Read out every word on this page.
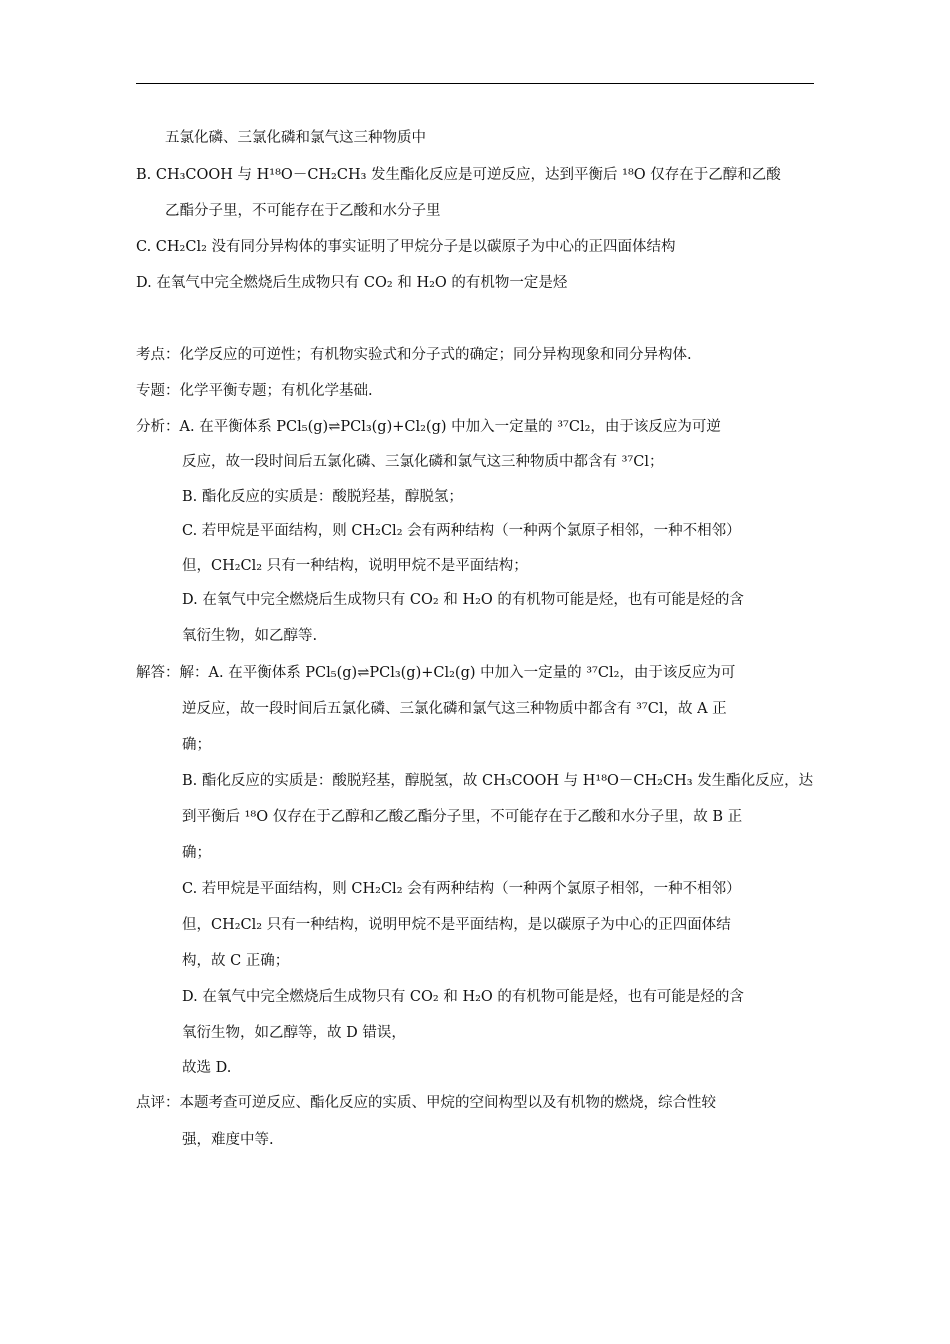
五氯化磷、三氯化磷和氯气这三种物质中
B. CH₃COOH 与 H¹⁸O－CH₂CH₃ 发生酯化反应是可逆反应，达到平衡后 ¹⁸O 仅存在于乙醇和乙酸
乙酯分子里，不可能存在于乙酸和水分子里
C. CH₂Cl₂ 没有同分异构体的事实证明了甲烷分子是以碳原子为中心的正四面体结构
D. 在氧气中完全燃烧后生成物只有 CO₂ 和 H₂O 的有机物一定是烃
考点：化学反应的可逆性；有机物实验式和分子式的确定；同分异构现象和同分异构体.
专题：化学平衡专题；有机化学基础.
分析：A. 在平衡体系 PCl₅(g)⇌PCl₃(g)+Cl₂(g) 中加入一定量的 ³⁷Cl₂，由于该反应为可逆
反应，故一段时间后五氯化磷、三氯化磷和氯气这三种物质中都含有 ³⁷Cl；
B. 酯化反应的实质是：酸脱羟基，醇脱氢；
C. 若甲烷是平面结构，则 CH₂Cl₂ 会有两种结构（一种两个氯原子相邻，一种不相邻）
但，CH₂Cl₂ 只有一种结构，说明甲烷不是平面结构；
D. 在氧气中完全燃烧后生成物只有 CO₂ 和 H₂O 的有机物可能是烃，也有可能是烃的含
氧衍生物，如乙醇等.
解答：解：A. 在平衡体系 PCl₅(g)⇌PCl₃(g)+Cl₂(g) 中加入一定量的 ³⁷Cl₂，由于该反应为可
逆反应，故一段时间后五氯化磷、三氯化磷和氯气这三种物质中都含有 ³⁷Cl，故 A 正
确；
B. 酯化反应的实质是：酸脱羟基，醇脱氢，故 CH₃COOH 与 H¹⁸O－CH₂CH₃ 发生酯化反应，达
到平衡后 ¹⁸O 仅存在于乙醇和乙酸乙酯分子里，不可能存在于乙酸和水分子里，故 B 正
确；
C. 若甲烷是平面结构，则 CH₂Cl₂ 会有两种结构（一种两个氯原子相邻，一种不相邻）
但，CH₂Cl₂ 只有一种结构，说明甲烷不是平面结构，是以碳原子为中心的正四面体结
构，故 C 正确；
D. 在氧气中完全燃烧后生成物只有 CO₂ 和 H₂O 的有机物可能是烃，也有可能是烃的含
氧衍生物，如乙醇等，故 D 错误，
故选 D.
点评：本题考查可逆反应、酯化反应的实质、甲烷的空间构型以及有机物的燃烧，综合性较
强，难度中等.
